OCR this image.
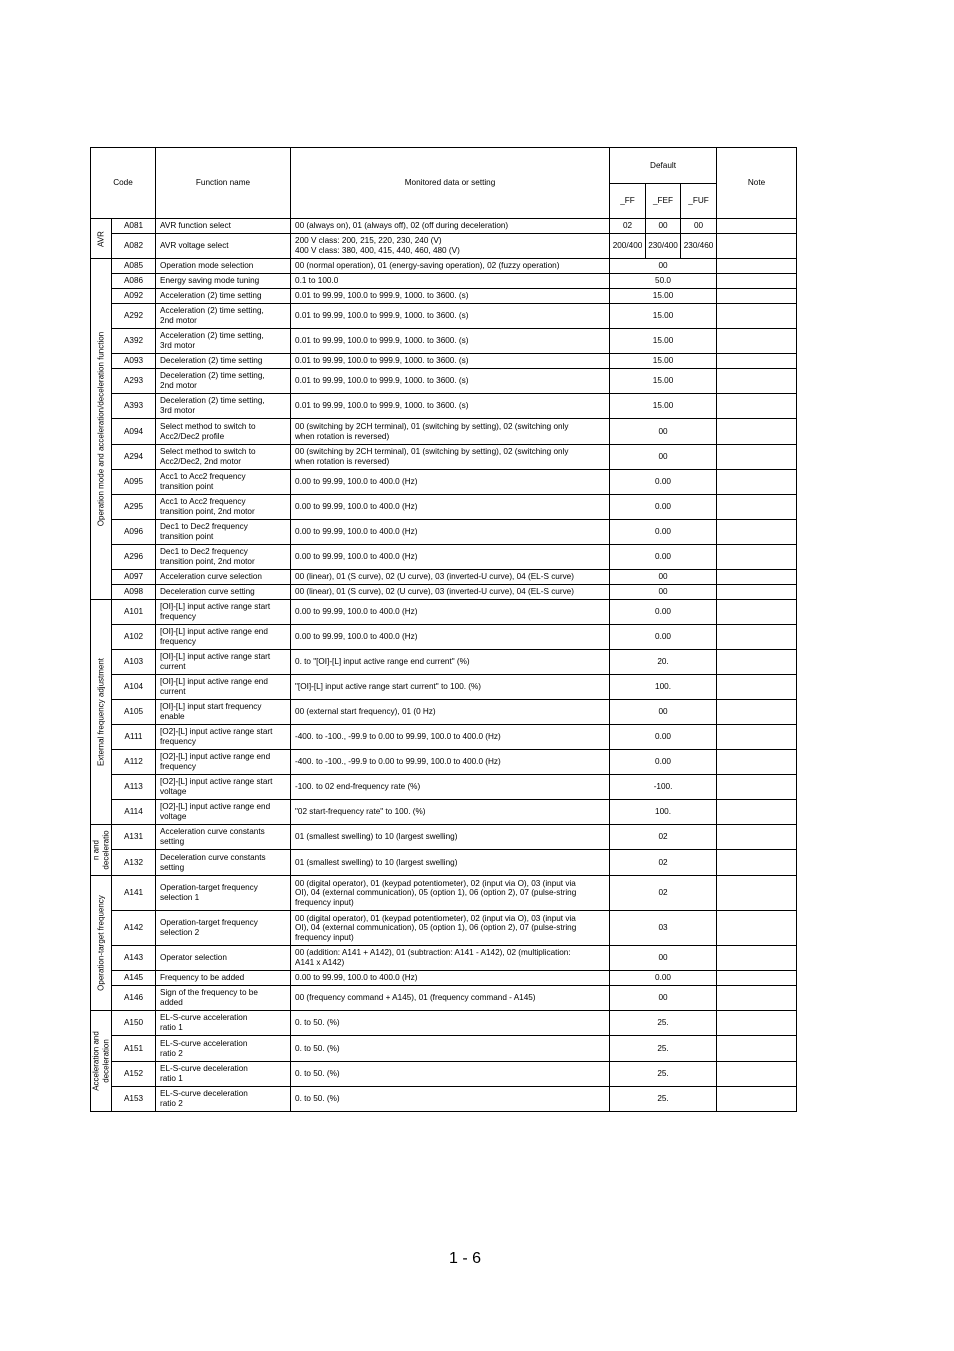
Code		Function name	Monitored data or setting	Default			Note
				_FF	_FEF	_FUF	

AVR	A081	AVR function select	00 (always on), 01 (always off), 02 (off during deceleration)	02	00	00	
	A082	AVR voltage select	200 V class: 200, 215, 220, 230, 240 (V)
400 V class: 380, 400, 415, 440, 460, 480 (V)	200/400	230/400	230/460	

Operation mode and acceleration/deceleration function	A085	Operation mode selection	00 (normal operation), 01 (energy-saving operation), 02 (fuzzy operation)	00			
	A086	Energy saving mode tuning	0.1 to 100.0	50.0			
	A092	Acceleration (2) time setting	0.01 to 99.99, 100.0 to 999.9, 1000. to 3600. (s)	15.00			
	A292	Acceleration (2) time setting,
2nd motor	0.01 to 99.99, 100.0 to 999.9, 1000. to 3600. (s)	15.00			
	A392	Acceleration (2) time setting,
3rd motor	0.01 to 99.99, 100.0 to 999.9, 1000. to 3600. (s)	15.00			
	A093	Deceleration (2) time setting	0.01 to 99.99, 100.0 to 999.9, 1000. to 3600. (s)	15.00			
	A293	Deceleration (2) time setting,
2nd motor	0.01 to 99.99, 100.0 to 999.9, 1000. to 3600. (s)	15.00			
	A393	Deceleration (2) time setting,
3rd motor	0.01 to 99.99, 100.0 to 999.9, 1000. to 3600. (s)	15.00			
	A094	Select method to switch to
Acc2/Dec2 profile	00 (switching by 2CH terminal), 01 (switching by setting), 02 (switching only
when rotation is reversed)	00			
	A294	Select method to switch to
Acc2/Dec2, 2nd motor	00 (switching by 2CH terminal), 01 (switching by setting), 02 (switching only
when rotation is reversed)	00			
	A095	Acc1 to Acc2 frequency
transition point	0.00 to 99.99, 100.0 to 400.0 (Hz)	0.00			
	A295	Acc1 to Acc2 frequency
transition point, 2nd motor	0.00 to 99.99, 100.0 to 400.0 (Hz)	0.00			
	A096	Dec1 to Dec2 frequency
transition point	0.00 to 99.99, 100.0 to 400.0 (Hz)	0.00			
	A296	Dec1 to Dec2 frequency
transition point, 2nd motor	0.00 to 99.99, 100.0 to 400.0 (Hz)	0.00			
	A097	Acceleration curve selection	00 (linear), 01 (S curve), 02 (U curve), 03 (inverted-U curve), 04 (EL-S curve)	00			
	A098	Deceleration curve setting	00 (linear), 01 (S curve), 02 (U curve), 03 (inverted-U curve), 04 (EL-S curve)	00			

External frequency adjustment	A101	[OI]-[L] input active range start
frequency	0.00 to 99.99, 100.0 to 400.0 (Hz)	0.00			
	A102	[OI]-[L] input active range end
frequency	0.00 to 99.99, 100.0 to 400.0 (Hz)	0.00			
	A103	[OI]-[L] input active range start
current	0. to "[OI]-[L] input active range end current" (%)	20.			
	A104	[OI]-[L] input active range end
current	"[OI]-[L] input active range start current" to 100. (%)	100.			
	A105	[OI]-[L] input start frequency
enable	00 (external start frequency), 01 (0 Hz)	00			
	A111	[O2]-[L] input active range start
frequency	-400. to -100., -99.9 to 0.00 to 99.99, 100.0 to 400.0 (Hz)	0.00			
	A112	[O2]-[L] input active range end
frequency	-400. to -100., -99.9 to 0.00 to 99.99, 100.0 to 400.0 (Hz)	0.00			
	A113	[O2]-[L] input active range start
voltage	-100. to 02 end-frequency rate (%)	-100.			
	A114	[O2]-[L] input active range end
voltage	"02 start-frequency rate" to 100. (%)	100.			

n and
deceleratio	A131	Acceleration curve constants
setting	01 (smallest swelling) to 10 (largest swelling)	02			
	A132	Deceleration curve constants
setting	01 (smallest swelling) to 10 (largest swelling)	02			

Operation-target frequency	A141	Operation-target frequency
selection 1	00 (digital operator), 01 (keypad potentiometer), 02 (input via O), 03 (input via
OI), 04 (external communication), 05 (option 1), 06 (option 2), 07 (pulse-string
frequency input)	02			
	A142	Operation-target frequency
selection 2	00 (digital operator), 01 (keypad potentiometer), 02 (input via O), 03 (input via
OI), 04 (external communication), 05 (option 1), 06 (option 2), 07 (pulse-string
frequency input)	03			
	A143	Operator selection	00 (addition: A141 + A142), 01 (subtraction: A141 - A142), 02 (multiplication:
A141 x A142)	00			
	A145	Frequency to be added	0.00 to 99.99, 100.0 to 400.0 (Hz)	0.00			
	A146	Sign of the frequency to be
added	00 (frequency command + A145), 01 (frequency command - A145)	00			

Acceleration and
deceleration	A150	EL-S-curve acceleration
ratio 1	0. to 50. (%)	25.			
	A151	EL-S-curve acceleration
ratio 2	0. to 50. (%)	25.			
	A152	EL-S-curve deceleration
ratio 1	0. to 50. (%)	25.			
	A153	EL-S-curve deceleration
ratio 2	0. to 50. (%)	25.			
1 - 6
